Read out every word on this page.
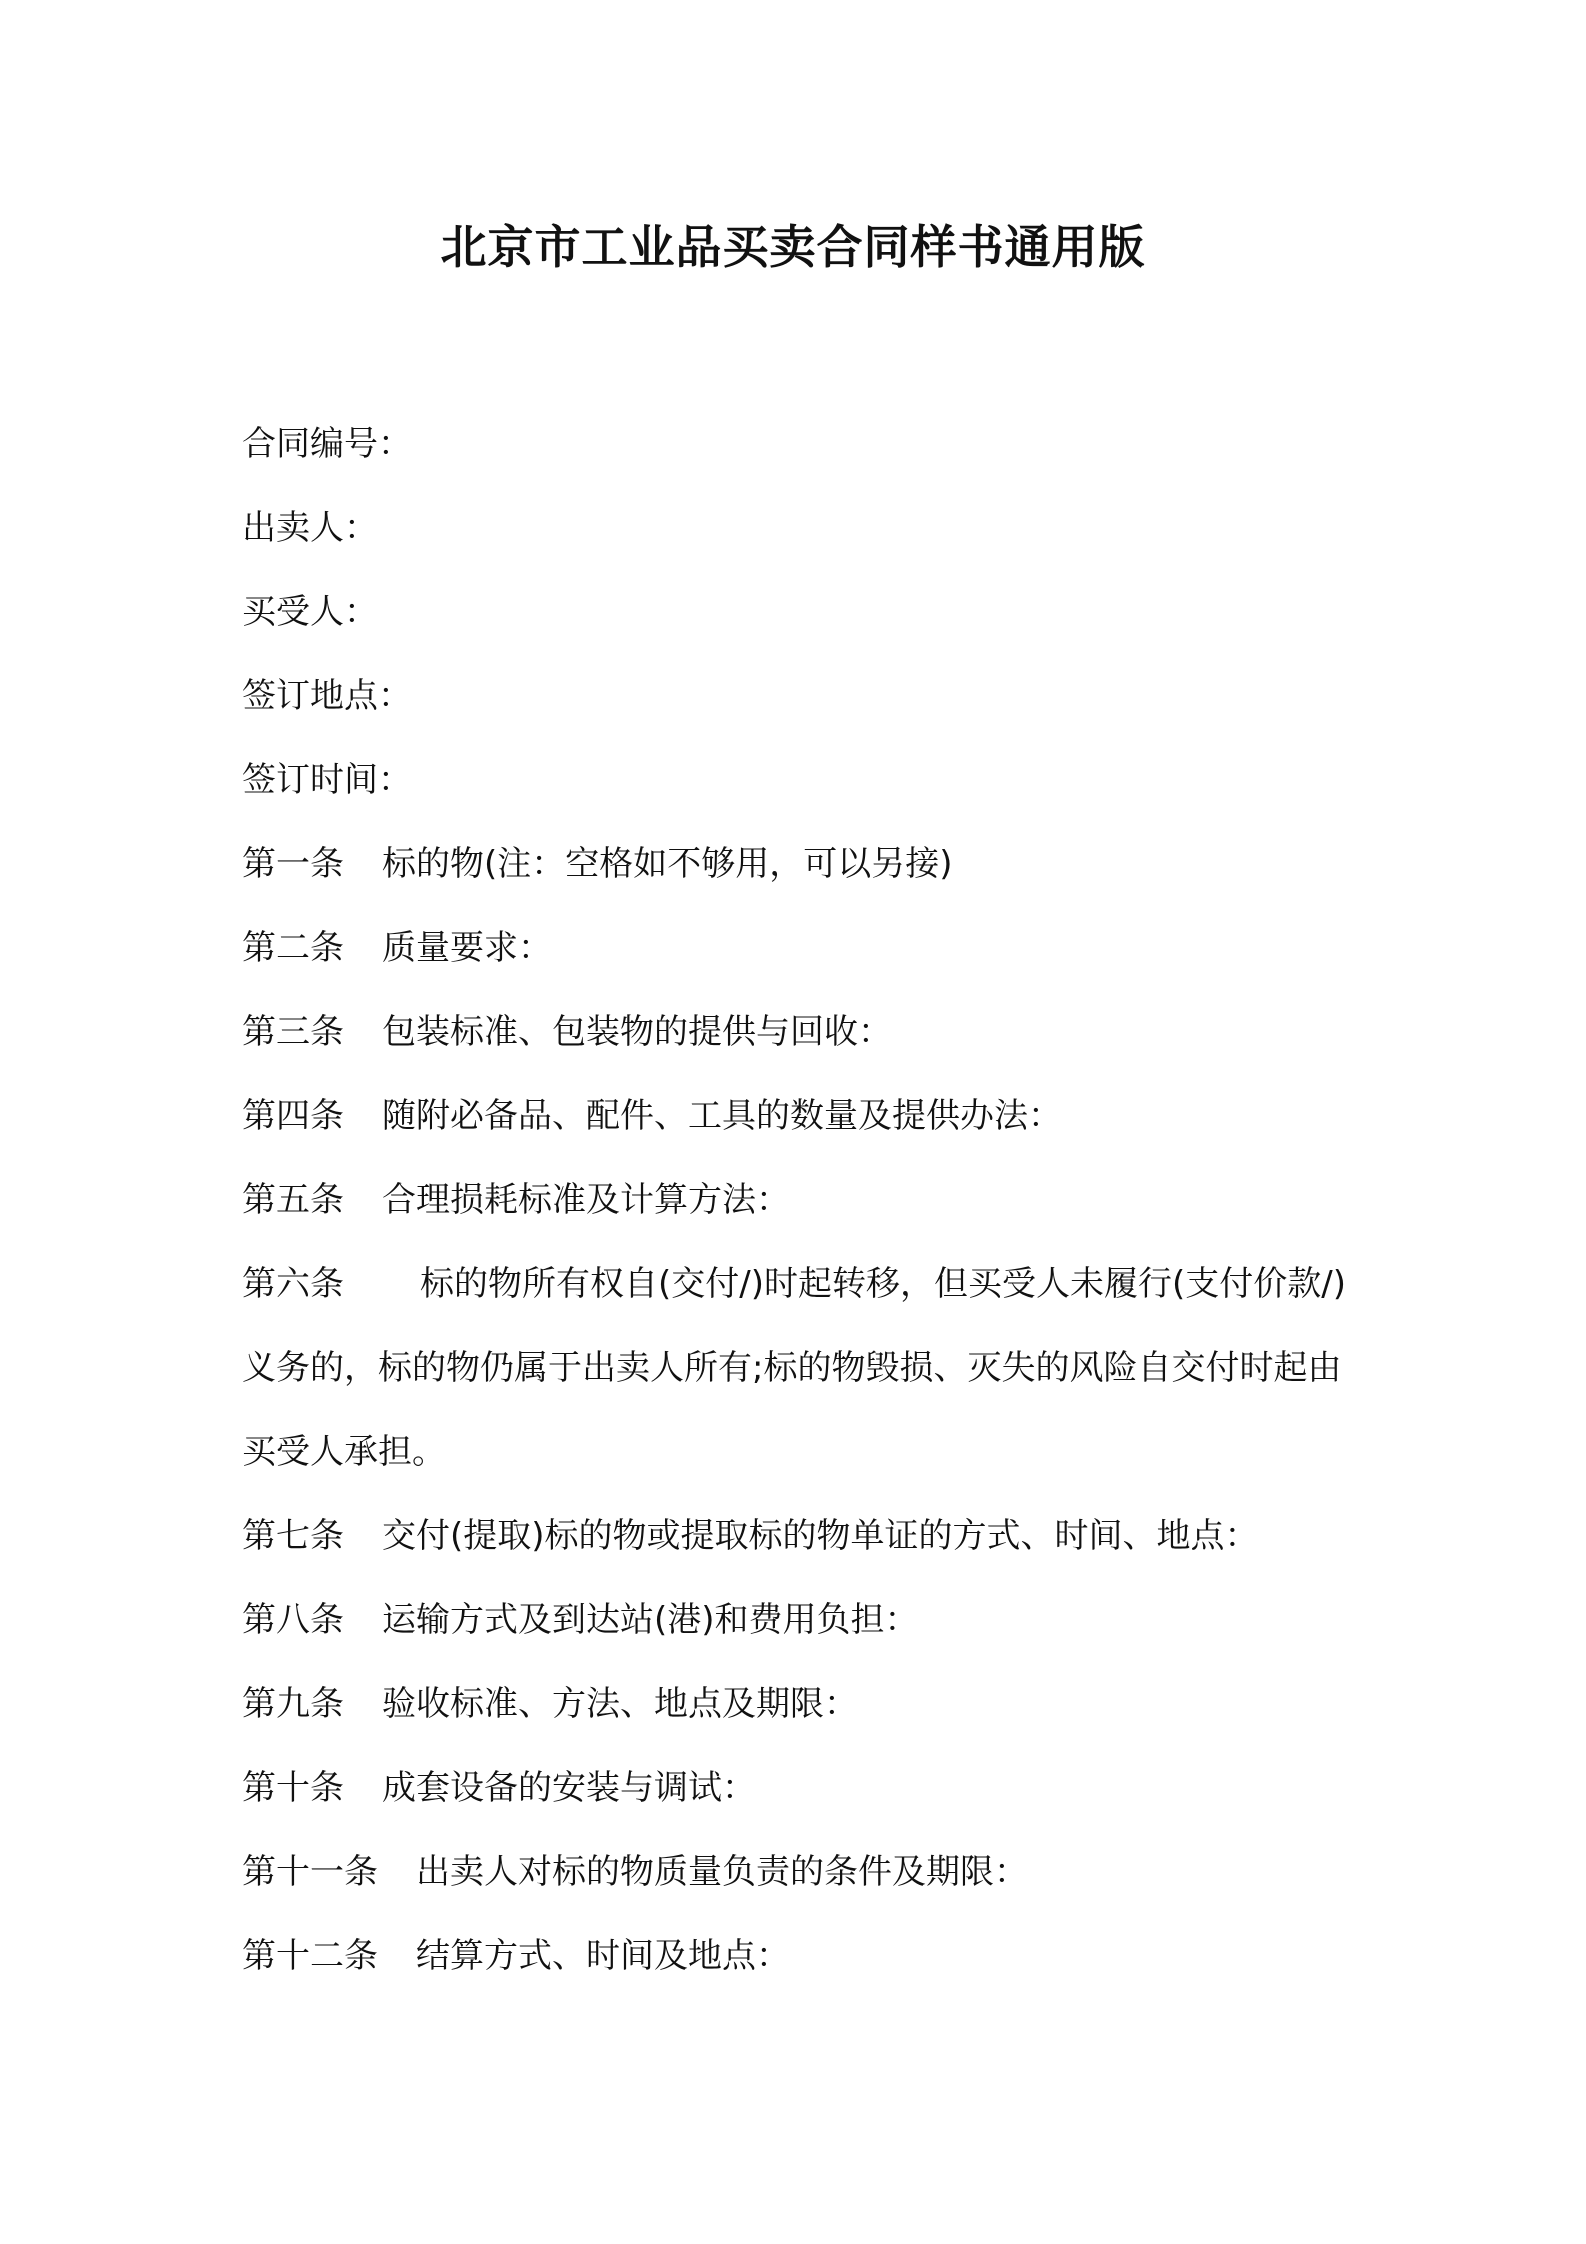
北京市工业品买卖合同样书通用版
合同编号：
出卖人：
买受人：
签订地点：
签订时间：
第一条 标的物(注：空格如不够用，可以另接)
第二条 质量要求：
第三条 包装标准、包装物的提供与回收：
第四条 随附必备品、配件、工具的数量及提供办法：
第五条 合理损耗标准及计算方法：
第六条 标的物所有权自(交付/)时起转移，但买受人未履行(支付价款/)义务的，标的物仍属于出卖人所有;标的物毁损、灭失的风险自交付时起由买受人承担。
第七条 交付(提取)标的物或提取标的物单证的方式、时间、地点：
第八条 运输方式及到达站(港)和费用负担：
第九条 验收标准、方法、地点及期限：
第十条 成套设备的安装与调试：
第十一条 出卖人对标的物质量负责的条件及期限：
第十二条 结算方式、时间及地点：
